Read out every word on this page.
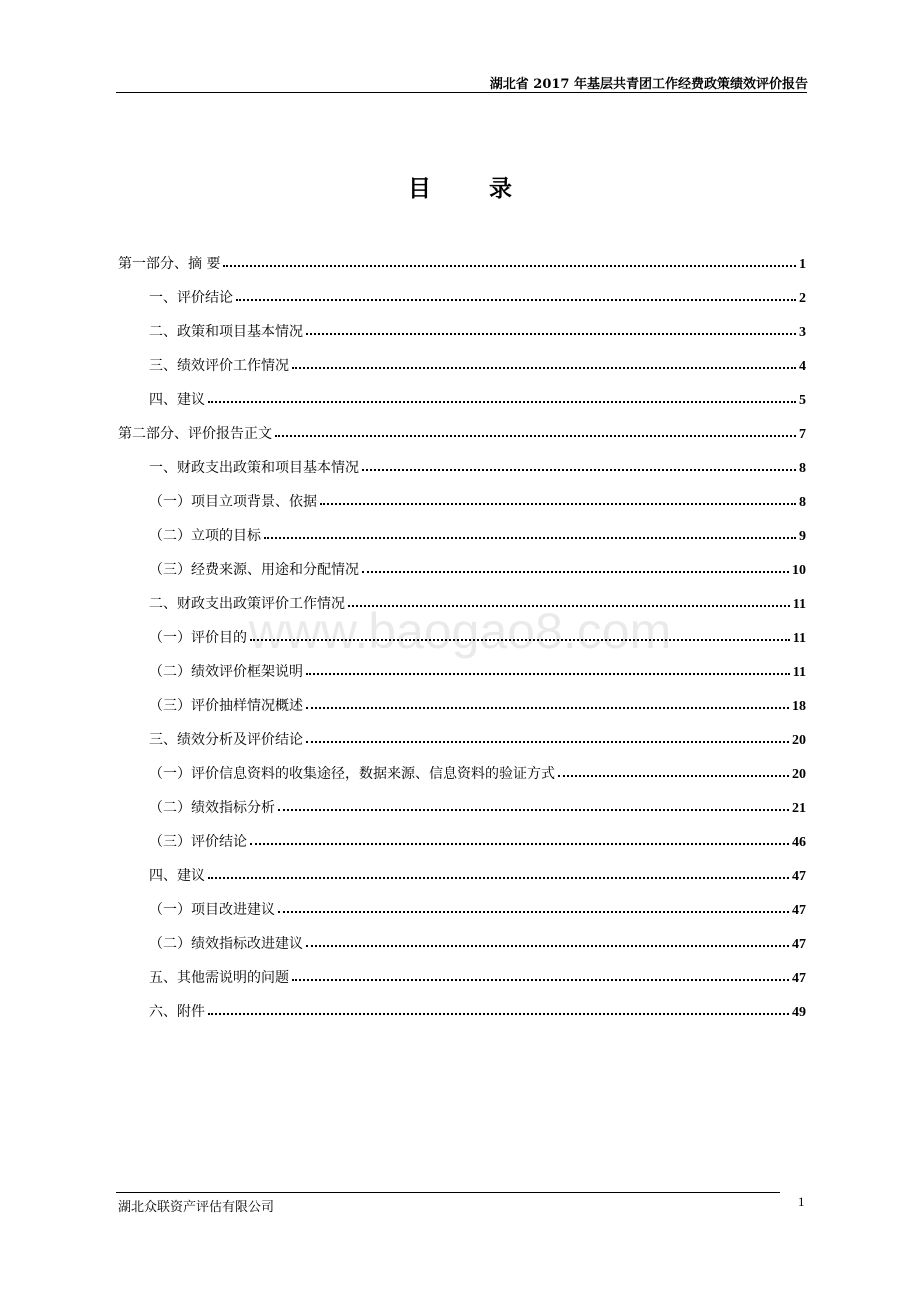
湖北省 2017 年基层共青团工作经费政策绩效评价报告
目录
第一部分、摘 要	1
一、评价结论	2
二、政策和项目基本情况	3
三、绩效评价工作情况	4
四、建议	5
第二部分、评价报告正文	7
一、财政支出政策和项目基本情况	8
（一）项目立项背景、依据	8
（二）立项的目标	9
（三）经费来源、用途和分配情况	10
二、财政支出政策评价工作情况	11
（一）评价目的	11
（二）绩效评价框架说明	11
（三）评价抽样情况概述	18
三、绩效分析及评价结论	20
（一）评价信息资料的收集途径，数据来源、信息资料的验证方式	20
（二）绩效指标分析	21
（三）评价结论	46
四、建议	47
（一）项目改进建议	47
（二）绩效指标改进建议	47
五、其他需说明的问题	47
六、附件	49
www.baogao8.com
湖北众联资产评估有限公司	1
